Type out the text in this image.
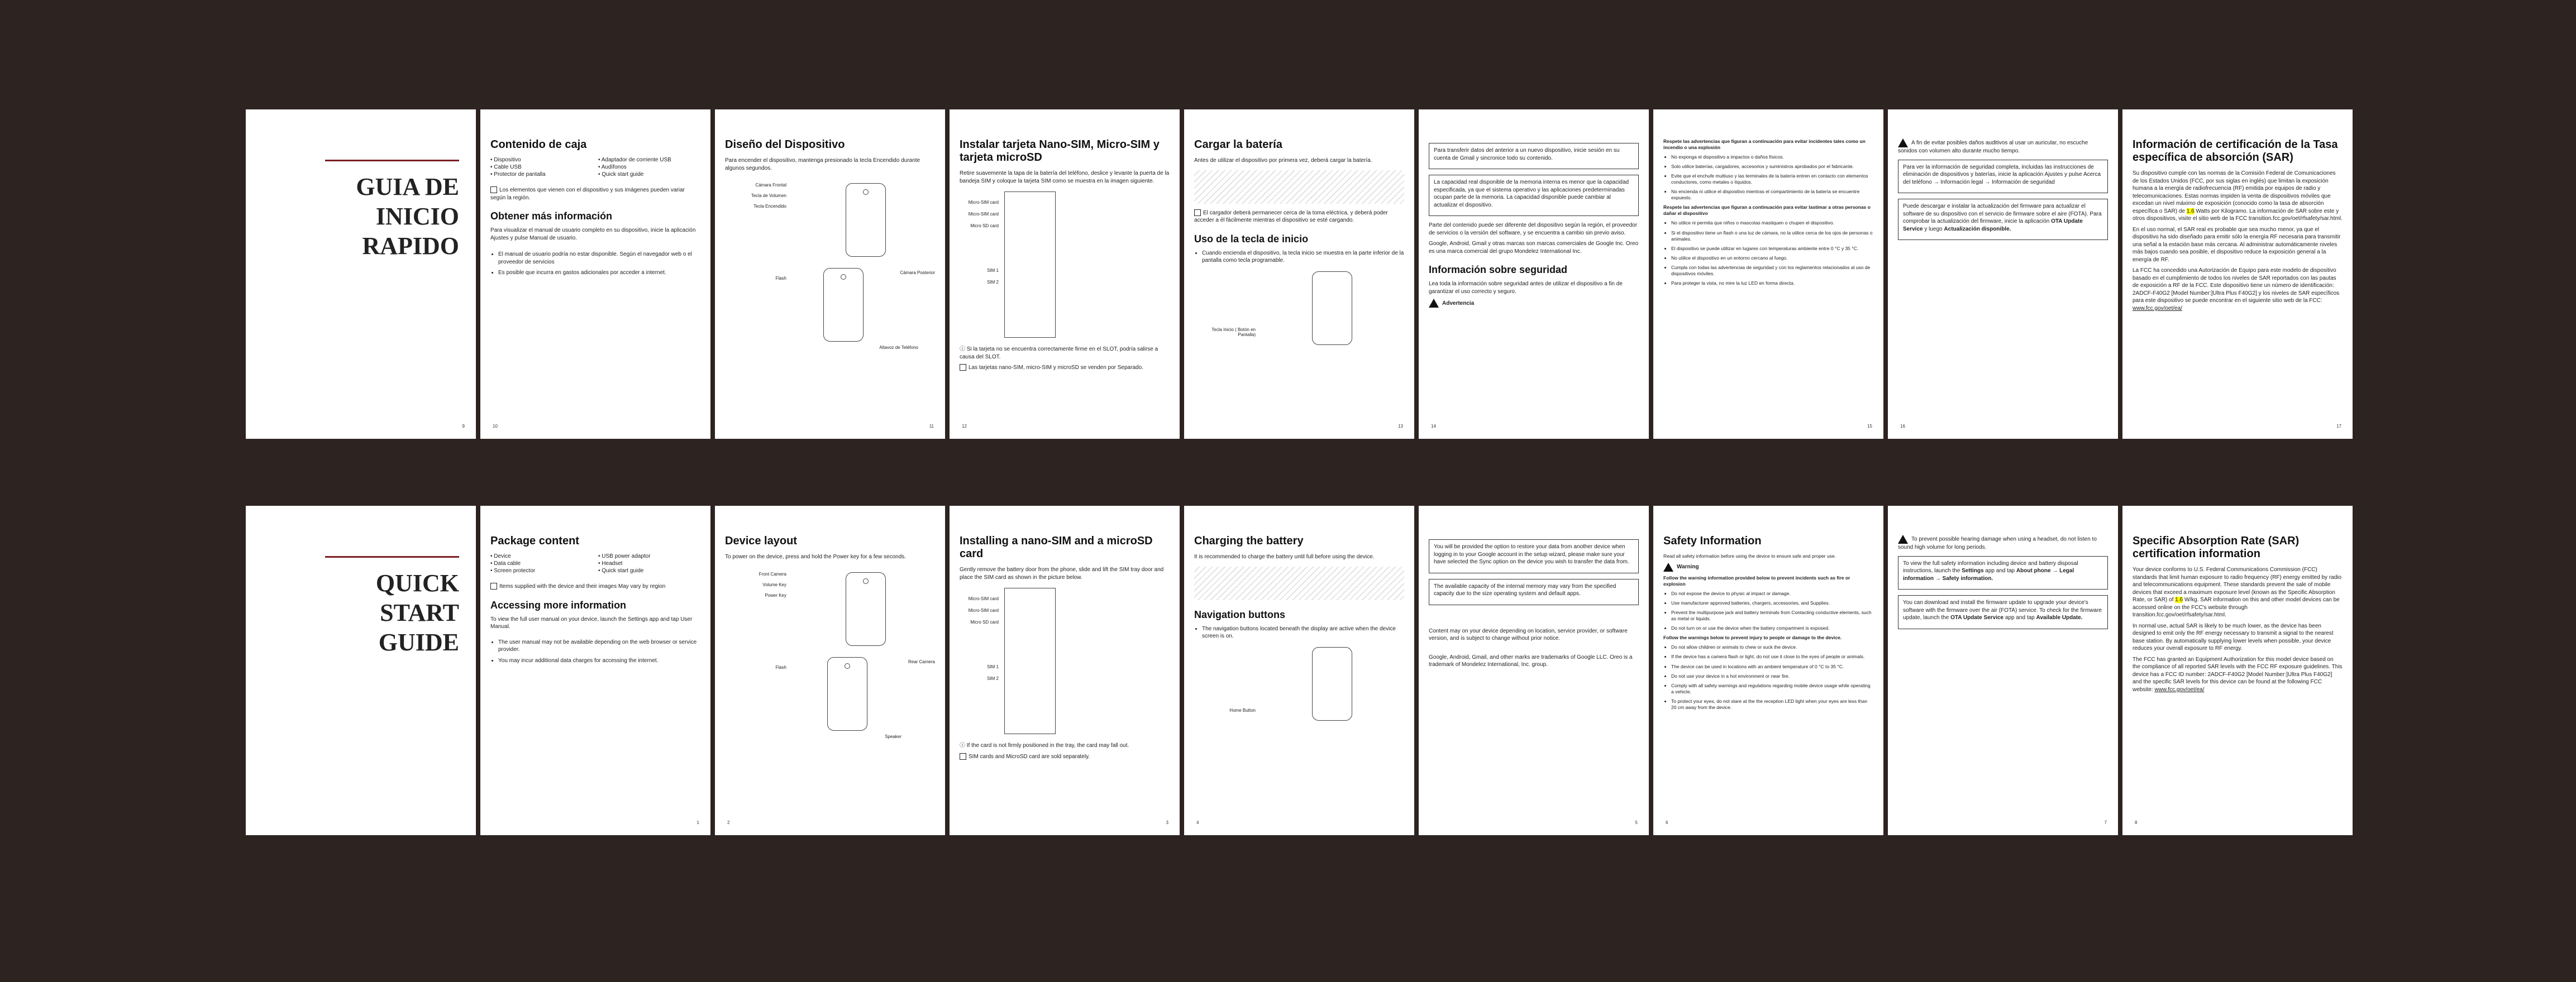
GUIA DE
INICIO
RAPIDO
9
Contenido de caja
• Dispositivo	• Adaptador de corriente USB
• Cable USB	• Audífonos
• Protector de pantalla	• Quick start guide

Los elementos que vienen con el dispositivo y sus imágenes pueden variar según la región.

Obtener más información

Para visualizar el manual de usuario completo en su dispositivo, inicie la aplicación Ajustes y pulse Manual de usuario.

• El manual de usuario podría no estar disponible. Según el navegador web o el proveedor de servicios
• Es posible que incurra en gastos adicionales por acceder a internet.
10
Diseño del Dispositivo

Para encender el dispositivo, mantenga presionado la tecla Encendido durante algunos segundos.

Cámara Frontal
Tecla de Volumen
Tecla Encendido
Flash
Cámara Posterior
Altavoz de Teléfono
11
Instalar tarjeta Nano-SIM, Micro-SIM y tarjeta microSD

Retire suavemente la tapa de la batería del teléfono, deslice y levante la puerta de la bandeja SIM y coloque la tarjeta SIM como se muestra en la imagen siguiente.

Micro-SIM card
Micro-SIM card
Micro SD card
SIM 1
SIM 2

ⓘ Si la tarjeta no se encuentra correctamente firme en el SLOT, podría salirse a causa del SLOT.

Las tarjetas nano-SIM, micro-SIM y microSD se venden por Separado.

12
Cargar la batería

Antes de utilizar el dispositivo por primera vez, deberá cargar la batería.

El cargador deberá permanecer cerca de la toma eléctrica, y deberá poder acceder a él fácilmente mientras el dispositivo se esté cargando.

Uso de la tecla de inicio
• Cuando encienda el dispositivo, la tecla inicio se muestra en la parte inferior de la pantalla como tecla programable.
Tecla Inicio ( Botón en Pantalla)
13

Para transferir datos del anterior a un nuevo dispositivo, inicie sesión en su cuenta de Gmail y sincronice todo su contenido.

La capacidad real disponible de la memoria interna es menor que la capacidad especificada, ya que el sistema operativo y las aplicaciones predeterminadas ocupan parte de la memoria. La capacidad disponible puede cambiar al actualizar el dispositivo.

Parte del contenido puede ser diferente del dispositivo según la región, el proveedor de servicios o la versión del software, y se encuentra a cambio sin previo aviso.

Google, Android, Gmail y otras marcas son marcas comerciales de Google Inc. Oreo es una marca comercial del grupo Mondelez International Inc.

Información sobre seguridad

Lea toda la información sobre seguridad antes de utilizar el dispositivo a fin de garantizar el uso correcto y seguro.

Advertencia

14

Respete las advertencias que figuran a continuación para evitar incidentes tales como un incendio o una explosión

• No exponga el dispositivo a impactos o daños físicos.
• Solo utilice baterías, cargadores, accesorios y suministros aprobados por el fabricante.
• Evite que el enchufe multiuso y las terminales de la batería entren en contacto con elementos conductores, como metales o líquidos.
• No encienda ni utilice el dispositivo mientras el compartimiento de la batería se encuentre expuesto.

Respete las advertencias que figuran a continuación para evitar lastimar a otras personas o dañar el dispositivo

• No utilice ni permita que niños o mascotas mastiquen o chupen el dispositivo.
• Si el dispositivo tiene un flash o una luz de cámara, no la utilice cerca de los ojos de personas o animales.
• El dispositivo se puede utilizar en lugares con temperaturas ambiente entre 0 °C y 35 °C.
• No utilice el dispositivo en un entorno cercano al fuego.
• Cumpla con todas las advertencias de seguridad y con los reglamentos relacionados al uso de dispositivos móviles.
• Para proteger la vista, no mire la luz LED en forma directa.
15

A fin de evitar posibles daños auditivos al usar un auricular, no escuche sonidos con volumen alto durante mucho tiempo.

Para ver la información de seguridad completa, incluidas las instrucciones de eliminación de dispositivos y baterías, inicie la aplicación Ajustes y pulse Acerca del teléfono → Información legal → Información de seguridad

Puede descargar e instalar la actualización del firmware para actualizar el software de su dispositivo con el servicio de firmware sobre el aire (FOTA). Para comprobar la actualización del firmware, inicie la aplicación OTA Update Service y luego Actualización disponible.

16
Información de certificación de la Tasa específica de absorción (SAR)

Su dispositivo cumple con las normas de la Comisión Federal de Comunicaciones de los Estados Unidos (FCC, por sus siglas en inglés) que limitan la exposición humana a la energía de radiofrecuencia (RF) emitida por equipos de radio y telecomunicaciones. Estas normas impiden la venta de dispositivos móviles que excedan un nivel máximo de exposición (conocido como la tasa de absorción específica o SAR) de 1.6 Watts por Kilogramo. La información de SAR sobre este y otros dispositivos, visite el sitio web de la FCC transition.fcc.gov/oet/rfsafety/sar.html.

En el uso normal, el SAR real es probable que sea mucho menor, ya que el dispositivo ha sido diseñado para emitir sólo la energía RF necesaria para transmitir una señal a la estación base más cercana. Al administrar automáticamente niveles más bajos cuando sea posible, el dispositivo reduce la exposición general a la energía de RF.

La FCC ha concedido una Autorización de Equipo para este modelo de dispositivo basado en el cumplimiento de todos los niveles de SAR reportados con las pautas de exposición a RF de la FCC. Este dispositivo tiene un número de identificación: 2ADCF-F40G2 [Model Number:]Ultra Plus F40G2] y los niveles de SAR específicos para este dispositivo se puede encontrar en el siguiente sitio web de la FCC: www.fcc.gov/oet/ea/

17
QUICK
START
GUIDE
Package content
• Device	• USB power adaptor
• Data cable	• Headset
• Screen protector	• Quick start guide

Items supplied with the device and their images May vary by region

Accessing more information

To view the full user manual on your device, launch the Settings app and tap User Manual.

• The user manual may not be available depending on the web browser or service provider.
• You may incur additional data charges for accessing the internet.
1
Device layout

To power on the device, press and hold the Power key for a few seconds.

Front Camera
Volume Key
Power Key
Flash
Rear Camera
Speaker
2
Installing a nano-SIM and a microSD card

Gently remove the battery door from the phone, slide and lift the SIM tray door and place the SIM card as shown in the picture below.

Micro-SIM card
Micro-SIM card
Micro SD card
SIM 1
SIM 2

ⓘ If the card is not firmly positioned in the tray, the card may fall out.

SIM cards and MicroSD card are sold separately.

3
Charging the battery

It is recommended to charge the battery until full before using the device.

Navigation buttons
• The navigation buttons located beneath the display are active when the device screen is on.
Home Button
4

You will be provided the option to restore your data from another device when logging in to your Google account in the setup wizard, please make sure your have selected the Sync option on the device you wish to transfer the data from.

The available capacity of the internal memory may vary from the specified capacity due to the size operating system and default apps.

Content may on your device depending on location, service provider, or software version, and is subject to change without prior notice.

Google, Android, Gmail, and other marks are trademarks of Google LLC. Oreo is a trademark of Mondelez International, Inc. group.

5
Safety Information

Read all safety information before using the device to ensure safe and proper use.

Warning

Follow the warning information provided below to prevent incidents such as fire or explosion

• Do not expose the device to physic al impact or damage.
• Use manufacturer approved batteries, chargers, accessories, and Supplies.
• Prevent the multipurpose jack and battery terminals from Contacting conductive elements, such as metal or liquids.
• Do not turn on or use the device when the battery compartment is exposed.

Follow the warnings below to prevent injury to people or damage to the device.

• Do not allow children or animals to chew or suck the device.
• If the device has a camera flash or light, do not use it close to the eyes of people or animals.
• The device can be used in locations with an ambient temperature of 0 °C to 35 °C.
• Do not use your device in a hot environment or near fire.
• Comply with all safety warnings and regulations regarding mobile device usage while operating a vehicle.
• To protect your eyes, do not stare at the the reception LED light when your eyes are less than 20 cm away from the device.
6

To prevent possible hearing damage when using a headset, do not listen to sound high volume for long periods.

To view the full safety information including device and battery disposal instructions, launch the Settings app and tap About phone → Legal information → Safety information.

You can download and install the firmware update to upgrade your device's software with the firmware over the air (FOTA) service. To check for the firmware update, launch the OTA Update Service app and tap Available Update.

7
Specific Absorption Rate (SAR) certification information

Your device conforms to U.S. Federal Communications Commission (FCC) standards that limit human exposure to radio frequency (RF) energy emitted by radio and telecommunications equipment. These standards prevent the sale of mobile devices that exceed a maximum exposure level (known as the Specific Absorption Rate, or SAR) of 1.6 W/kg. SAR information on this and other model devices can be accessed online on the FCC's website through transition.fcc.gov/oet/rfsafety/sar.html.

In normal use, actual SAR is likely to be much lower, as the device has been designed to emit only the RF energy necessary to transmit a signal to the nearest base station. By automatically supplying lower levels when possible, your device reduces your overall exposure to RF energy.

The FCC has granted an Equipment Authorization for this model device based on the compliance of all reported SAR levels with the FCC RF exposure guidelines. This device has a FCC ID number: 2ADCF-F40G2 [Model Number:]Ultra Plus F40G2] and the specific SAR levels for this device can be found at the following FCC website: www.fcc.gov/oet/ea/

8
